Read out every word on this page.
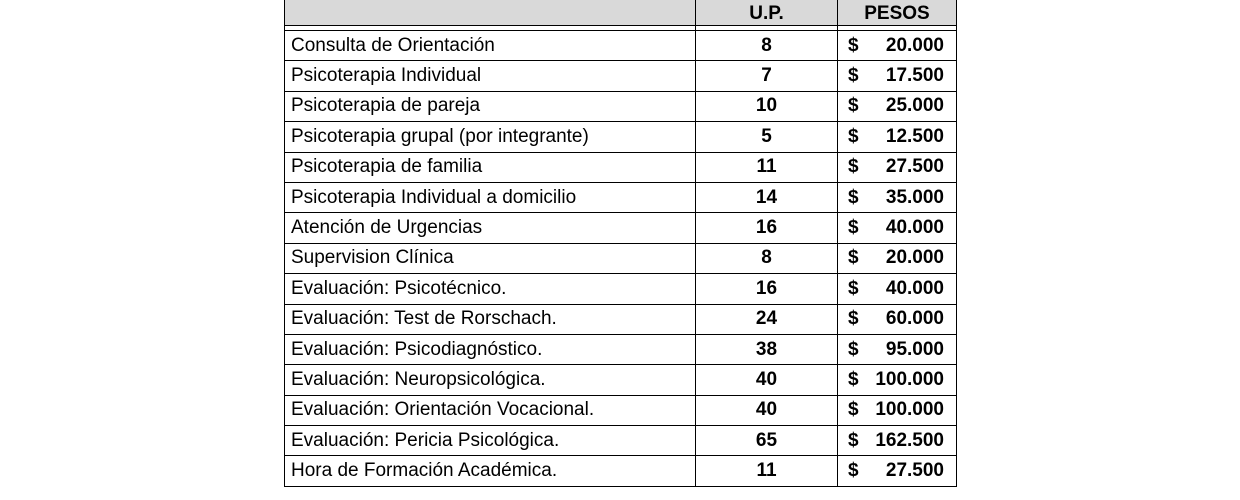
	U.P.	PESOS

Consulta de Orientación	8	$ 20.000

Psicoterapia Individual	7	$ 17.500

Psicoterapia de pareja	10	$ 25.000

Psicoterapia grupal (por integrante)	5	$ 12.500

Psicoterapia de familia	11	$ 27.500

Psicoterapia Individual a domicilio	14	$ 35.000

Atención de Urgencias	16	$ 40.000

Supervision Clínica	8	$ 20.000

Evaluación: Psicotécnico.	16	$ 40.000

Evaluación: Test de Rorschach.	24	$ 60.000

Evaluación: Psicodiagnóstico.	38	$ 95.000

Evaluación: Neuropsicológica.	40	$ 100.000

Evaluación: Orientación Vocacional.	40	$ 100.000

Evaluación: Pericia Psicológica.	65	$ 162.500

Hora de Formación Académica.	11	$ 27.500
